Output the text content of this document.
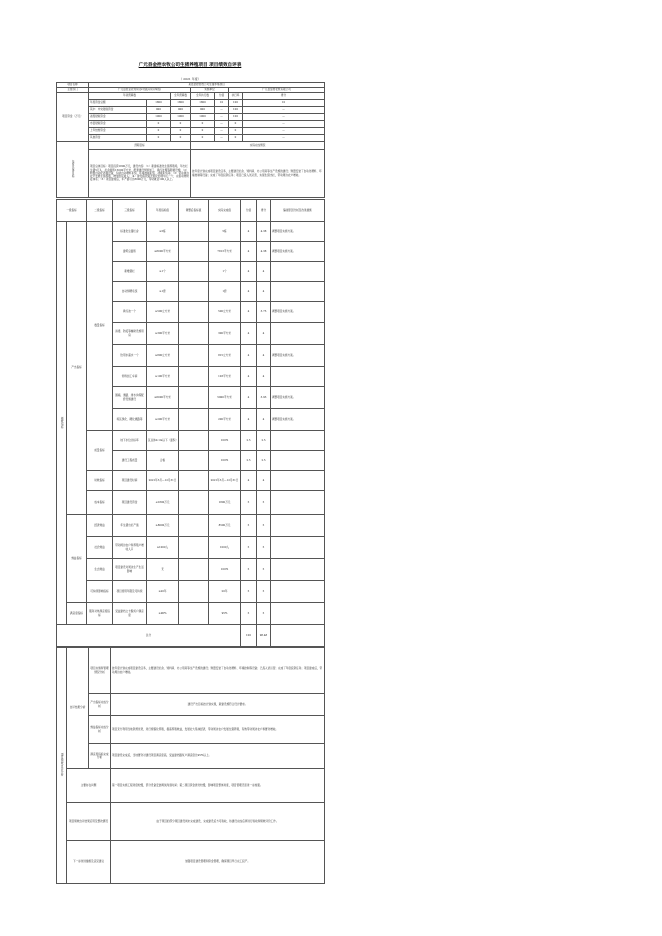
广元县金控农牧公司生猪养殖项目 项目绩效自评表
（ 2021 年度）
项目名称	某县金控农牧公司生猪养殖项目						
主管部门	广元县农业农村局(乡村振兴局)(本级)			实施单位		广元县金控农牧有限公司	
项目资金（万元）	年初预算数		全年预算数	全年执行数	分值	执行率	得分
	年度资金总额	1800	1800	1800	10	100	10
	其中：中央财政资金	900	900	900	—	100	—
	省级财政资金	1000	1000	1000	—	100	—
	市县财政资金	0	0	0	—	0	—
	上年结转资金	0	0	0	—	0	—
	其他资金	0	0	0	—	0	—
年度总体目标	预期目标			实际完成情况			
	项目总体目标：项目投资1800万元，建设内容：（1）新建标准化生猪养殖场，年出栏生猪5万头，栏舍面积15000平方米，配套建设饲料加工、粪污处理等附属设施；（2）购置自动化养殖设备，包括自动喂料系统、环境控制系统、清粪系统等；（3）带动周边农户发展生猪养殖，增加农民收入；（4）建设病死猪无害化处理中心一个，完善动物防疫体系；（5）项目建成后，年产值可达8000万元，带动就业100人以上。			按年度计划完成项目建设任务，主要建设栏舍、饲料间、办公用房等生产设施的建设；购置安装了自动化喂料、环境控制等设备；完成了年度投资任务；项目已投入试运营，实现生猪出栏，带动周边农户增收。			
一级指标		二级指标	三级指标	年度指标值	调整后指标值	实际完成值	分值	得分	偏差原因分析及改进措施
绩效指标	产出指标	数量指标	标准化生猪栏舍	≥5栋		5栋	4	4.38	调整项目实施方案。
			建筑总面积	≥8000平方米		7813平方米	4	4.38	调整项目实施方案。
			新增猪栏	≥1个		1个	4	4	
			自动饲喂系统	≥1套		1套	4	4	
			粪污池一个	≥500立方米		500立方米	4	3.75	调整项目实施方案。
			消毒、防疫等辅助设施用房	≥300平方米		300平方米	4	4	
			饮用水蓄水一个	≥800立方米		815立方米	4	4	调整项目实施方案。
			饲料加工车间	≥100平方米		103平方米	4	4	
			围墙、道路、排水沟等配套设施建设	≥6000平方米		5900平方米	4	3.93	调整项目实施方案。
			场区绿化、硬化道路等	≥200平方米		200平方米	4	4	调整项目实施方案。
		质量指标	地下水位达标率	区总体0.1m以下（面积）		100%	2.5	2.5	
			建设工程质量	合格		100%	2.5	2.5	
		时效指标	项目建设时间	2021年3月—12月31日		2021年3月—12月31日	4	4	
		成本指标	项目建设资金	≤1800万元		1800万元	5	5	
	效益指标	经济效益	年生猪出栏产值	≥8000万元		8500万元	5	5	
		社会效益	带动周边农户和养殖户增收人口	≥1000人		1000人	5	5	
		生态效益	项目建设对周边生产生活影响	无		100%	5	5	
		可持续影响指标	项目使用年限及可持续	≥20年		20年	5	5	
	满意度指标	服务对象满意度指标	受益建档立卡脱贫户满意度	≥90%		95%	5	5	
总分							100	98.48	
项目绩效自评分析	自评结果分析	项目实施和管理情况分析	按年度计划完成项目建设任务，主要建设栏舍、饲料间、办公用房等生产设施的建设；购置安装了自动化喂料、环境控制等设备；已投入试运营；完成了年度投资任务；项目建成后，带动周边农户增收。
		产出指标完成分析	建设产出目标按计划实现，新建设施符合设计要求。
		效益指标完成分析	项目充分利用当地资源优势，进行规模化养殖，提高养殖效益，发展壮大集体经济，带动周边农户发展生猪养殖，有效带动周边农户和群众增收。
		满意度指标完成分析	项目建设完成后，当地群众对建设项目满意度高，受益建档脱贫户满意度达95%以上。
	主要存在问题		第一项目实施工程进度较慢，部分设备安装调试尚需时间；第二项目资金拨付较慢，影响项目整体进度，项目管理还需进一步加强。
	项目绩效自评结果应用及整改情况		由于项目的部分项目建设尚未完成建设，完成建设后方可验收，待建设完成后再进行验收和绩效评价工作。
	下一步改进措施及意见建议		加强项目建设管理和资金管理，确保项目早日完工投产。
